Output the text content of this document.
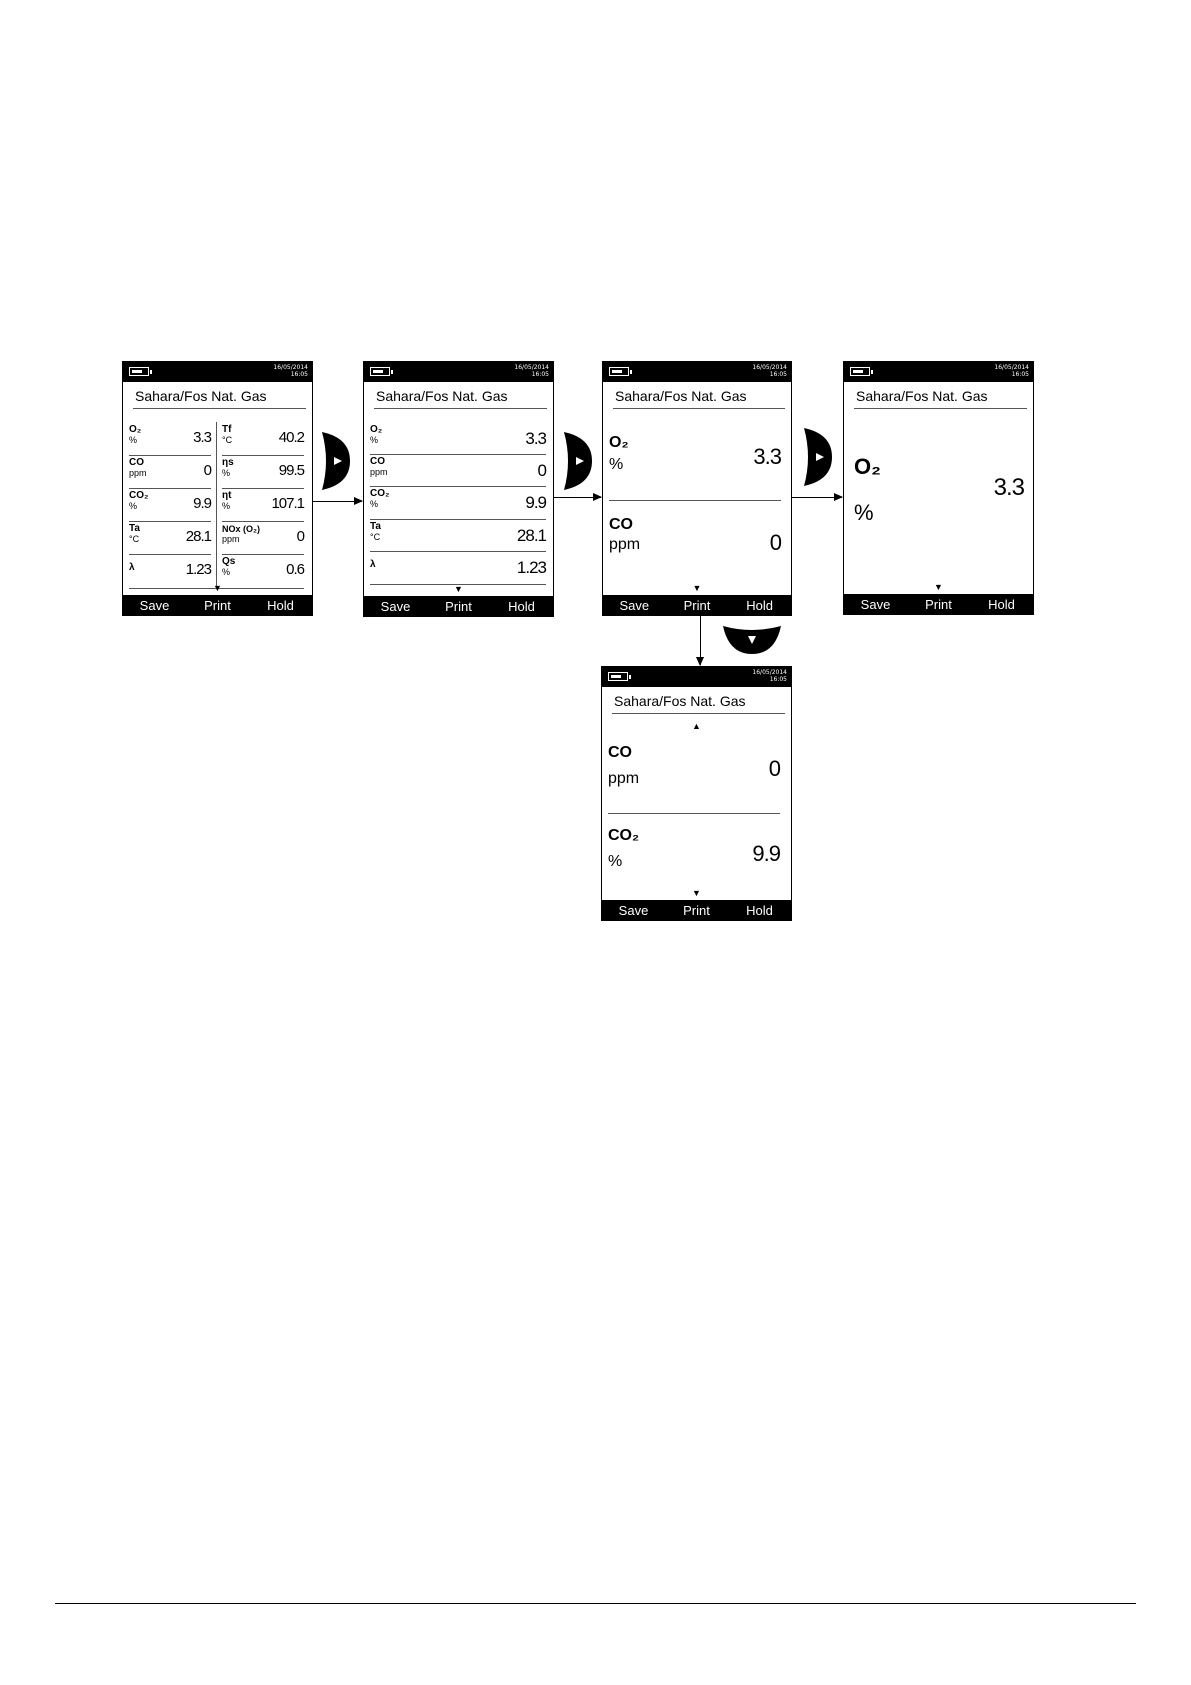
16/05/2014
16:05
Sahara/Fos Nat. Gas
O₂
%	3.3
CO
ppm	0
CO₂
%	9.9
Ta
°C	28.1
λ	1.23
Tf
°C	40.2
ηs
%	99.5
ηt
%	107.1
NOx (O₂)
ppm	0
Qs
%	0.6
▼
Save	Print	Hold
16/05/2014
16:05
Sahara/Fos Nat. Gas
O₂
%	3.3
CO
ppm	0
CO₂
%	9.9
Ta
°C	28.1
λ	1.23
▼
Save	Print	Hold
16/05/2014
16:05
Sahara/Fos Nat. Gas
O₂
%	3.3
CO
ppm	0
▼
Save	Print	Hold
16/05/2014
16:05
Sahara/Fos Nat. Gas
O₂
%
3.3
▼
Save	Print	Hold
16/05/2014
16:05
Sahara/Fos Nat. Gas
▲
CO
ppm	0
CO₂
%	9.9
▼
Save	Print	Hold
